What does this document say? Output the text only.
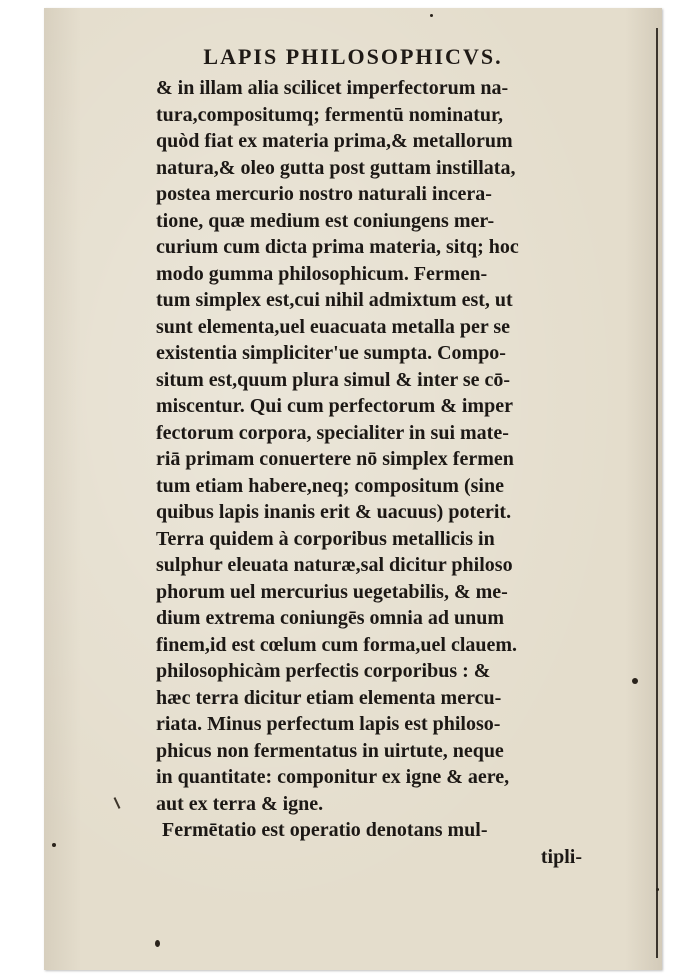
LAPIS PHILOSOPHICVS.
& in illam alia scilicet imperfectorum na-
tura,compositumq; fermentū nominatur,
quòd fiat ex materia prima,& metallorum
natura,& oleo gutta post guttam instillata,
postea mercurio nostro naturali incera-
tione, quæ medium est coniungens mer-
curium cum dicta prima materia, sitq; hoc
modo gumma philosophicum. Fermen-
tum simplex est,cui nihil admixtum est, ut
sunt elementa,uel euacuata metalla per se
existentia simpliciter'ue sumpta. Compo-
situm est,quum plura simul & inter se cō-
miscentur. Qui cum perfectorum & imper
fectorum corpora, specialiter in sui mate-
riā primam conuertere nō simplex fermen
tum etiam habere,neq; compositum (sine
quibus lapis inanis erit & uacuus) poterit.
Terra quidem à corporibus metallicis in
sulphur eleuata naturæ,sal dicitur philoso
phorum uel mercurius uegetabilis, & me-
dium extrema coniungēs omnia ad unum
finem,id est cœlum cum forma,uel clauem.
philosophicàm perfectis corporibus : &
hæc terra dicitur etiam elementa mercu-
riata. Minus perfectum lapis est philoso-
phicus non fermentatus in uirtute, neque
in quantitate: componitur ex igne & aere,
aut ex terra & igne.
Fermētatio est operatio denotans mul-
tipli-
